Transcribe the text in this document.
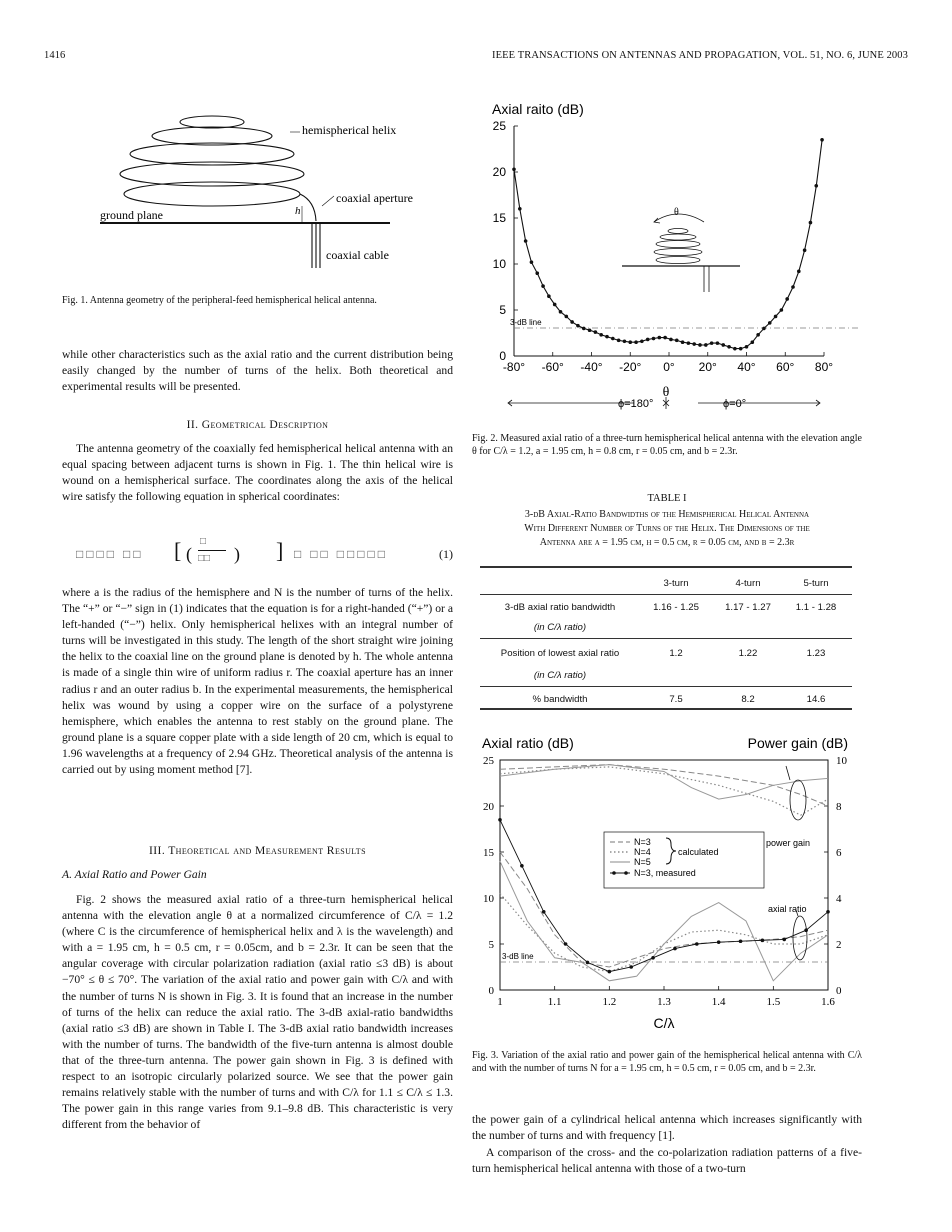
1416	IEEE TRANSACTIONS ON ANTENNAS AND PROPAGATION, VOL. 51, NO. 6, JUNE 2003
hemispherical helix
coaxial aperture
ground plane	h
coaxial cable
Fig. 1. Antenna geometry of the peripheral-feed hemispherical helical antenna.

while other characteristics such as the axial ratio and the current distribution being easily changed by the number of turns of the helix. Both theoretical and experimental results will be presented.

II. Geometrical Description

The antenna geometry of the coaxially fed hemispherical helical antenna with an equal spacing between adjacent turns is shown in Fig. 1. The thin helical wire is wound on a hemispherical surface. The coordinates along the axis of the helical wire satisfy the following equation in spherical coordinates:

□□□□ □□ [ (
□
□□ ) ] □ □□ □□□□□	(1)

where a is the radius of the hemisphere and N is the number of turns of the helix. The “+” or “−” sign in (1) indicates that the equation is for a right-handed (“+”) or a left-handed (“−”) helix. Only hemispherical helixes with an integral number of turns will be investigated in this study. The length of the short straight wire joining the helix to the coaxial line on the ground plane is denoted by h. The whole antenna is made of a single thin wire of uniform radius r. The coaxial aperture has an inner radius r and an outer radius b. In the experimental measurements, the hemispherical helix was wound by using a copper wire on the surface of a polystyrene hemisphere, which enables the antenna to rest stably on the ground plane. The ground plane is a square copper plate with a side length of 20 cm, which is equal to 1.96 wavelengths at a frequency of 2.94 GHz. Theoretical analysis of the antenna is carried out by using moment method [7].

III. Theoretical and Measurement Results
A. Axial Ratio and Power Gain

Fig. 2 shows the measured axial ratio of a three-turn hemispherical helical antenna with the elevation angle θ at a normalized circumference of C/λ = 1.2 (where C is the circumference of hemispherical helix and λ is the wavelength) and with a = 1.95 cm, h = 0.5 cm, r = 0.05cm, and b = 2.3r. It can be seen that the angular coverage with circular polarization radiation (axial ratio ≤3 dB) is about −70° ≤ θ ≤ 70°. The variation of the axial ratio and power gain with C/λ and with the number of turns N is shown in Fig. 3. It is found that an increase in the number of turns of the helix can reduce the axial ratio. The 3-dB axial-ratio bandwidths (axial ratio ≤3 dB) are shown in Table I. The 3-dB axial ratio bandwidth increases with the number of turns. The bandwidth of the five-turn antenna is almost double that of the three-turn antenna. The power gain shown in Fig. 3 is defined with respect to an isotropic circularly polarized source. We see that the power gain remains relatively stable with the number of turns and with C/λ for 1.1 ≤ C/λ ≤ 1.3. The power gain in this range varies from 9.1–9.8 dB. This characteristic is very different from the behavior of

Axial raito (dB)
3-dB line
-80° -60° -40° -20° 0° 20° 40° 60° 80°
0
5
10
15
20
25
θ
ϕ=180°	ϕ=0°
θ
Fig. 2. Measured axial ratio of a three-turn hemispherical helical antenna with the elevation angle θ for C/λ = 1.2, a = 1.95 cm, h = 0.8 cm, r = 0.05 cm, and b = 2.3r.
TABLE I
3-dB Axial-Ratio Bandwidths of the Hemispherical Helical Antenna
With Different Number of Turns of the Helix. The Dimensions of the
Antenna are a = 1.95 cm, h = 0.5 cm, r = 0.05 cm, and b = 2.3r
3-turn	4-turn	5-turn
3-dB axial ratio bandwidth
(in C/λ ratio)
1.16 - 1.25	1.17 - 1.27	1.1 - 1.28
Position of lowest axial ratio
(in C/λ ratio)
1.2	1.22	1.23
% bandwidth	7.5	8.2	14.6
Axial ratio (dB)	Power gain (dB)
3-dB line
1	1.1	1.2	1.3	1.4	1.5	1.6
0
5
10
15
20
25
0
2
4
6
8
10
C/λ
N=3
N=4
N=5
N=3, measured
calculated
power gain
axial ratio
Fig. 3. Variation of the axial ratio and power gain of the hemispherical helical antenna with C/λ and with the number of turns N for a = 1.95 cm, h = 0.5 cm, r = 0.05 cm, and b = 2.3r.

the power gain of a cylindrical helical antenna which increases significantly with the number of turns and with frequency [1].

A comparison of the cross- and the co-polarization radiation patterns of a five-turn hemispherical helical antenna with those of a two-turn
